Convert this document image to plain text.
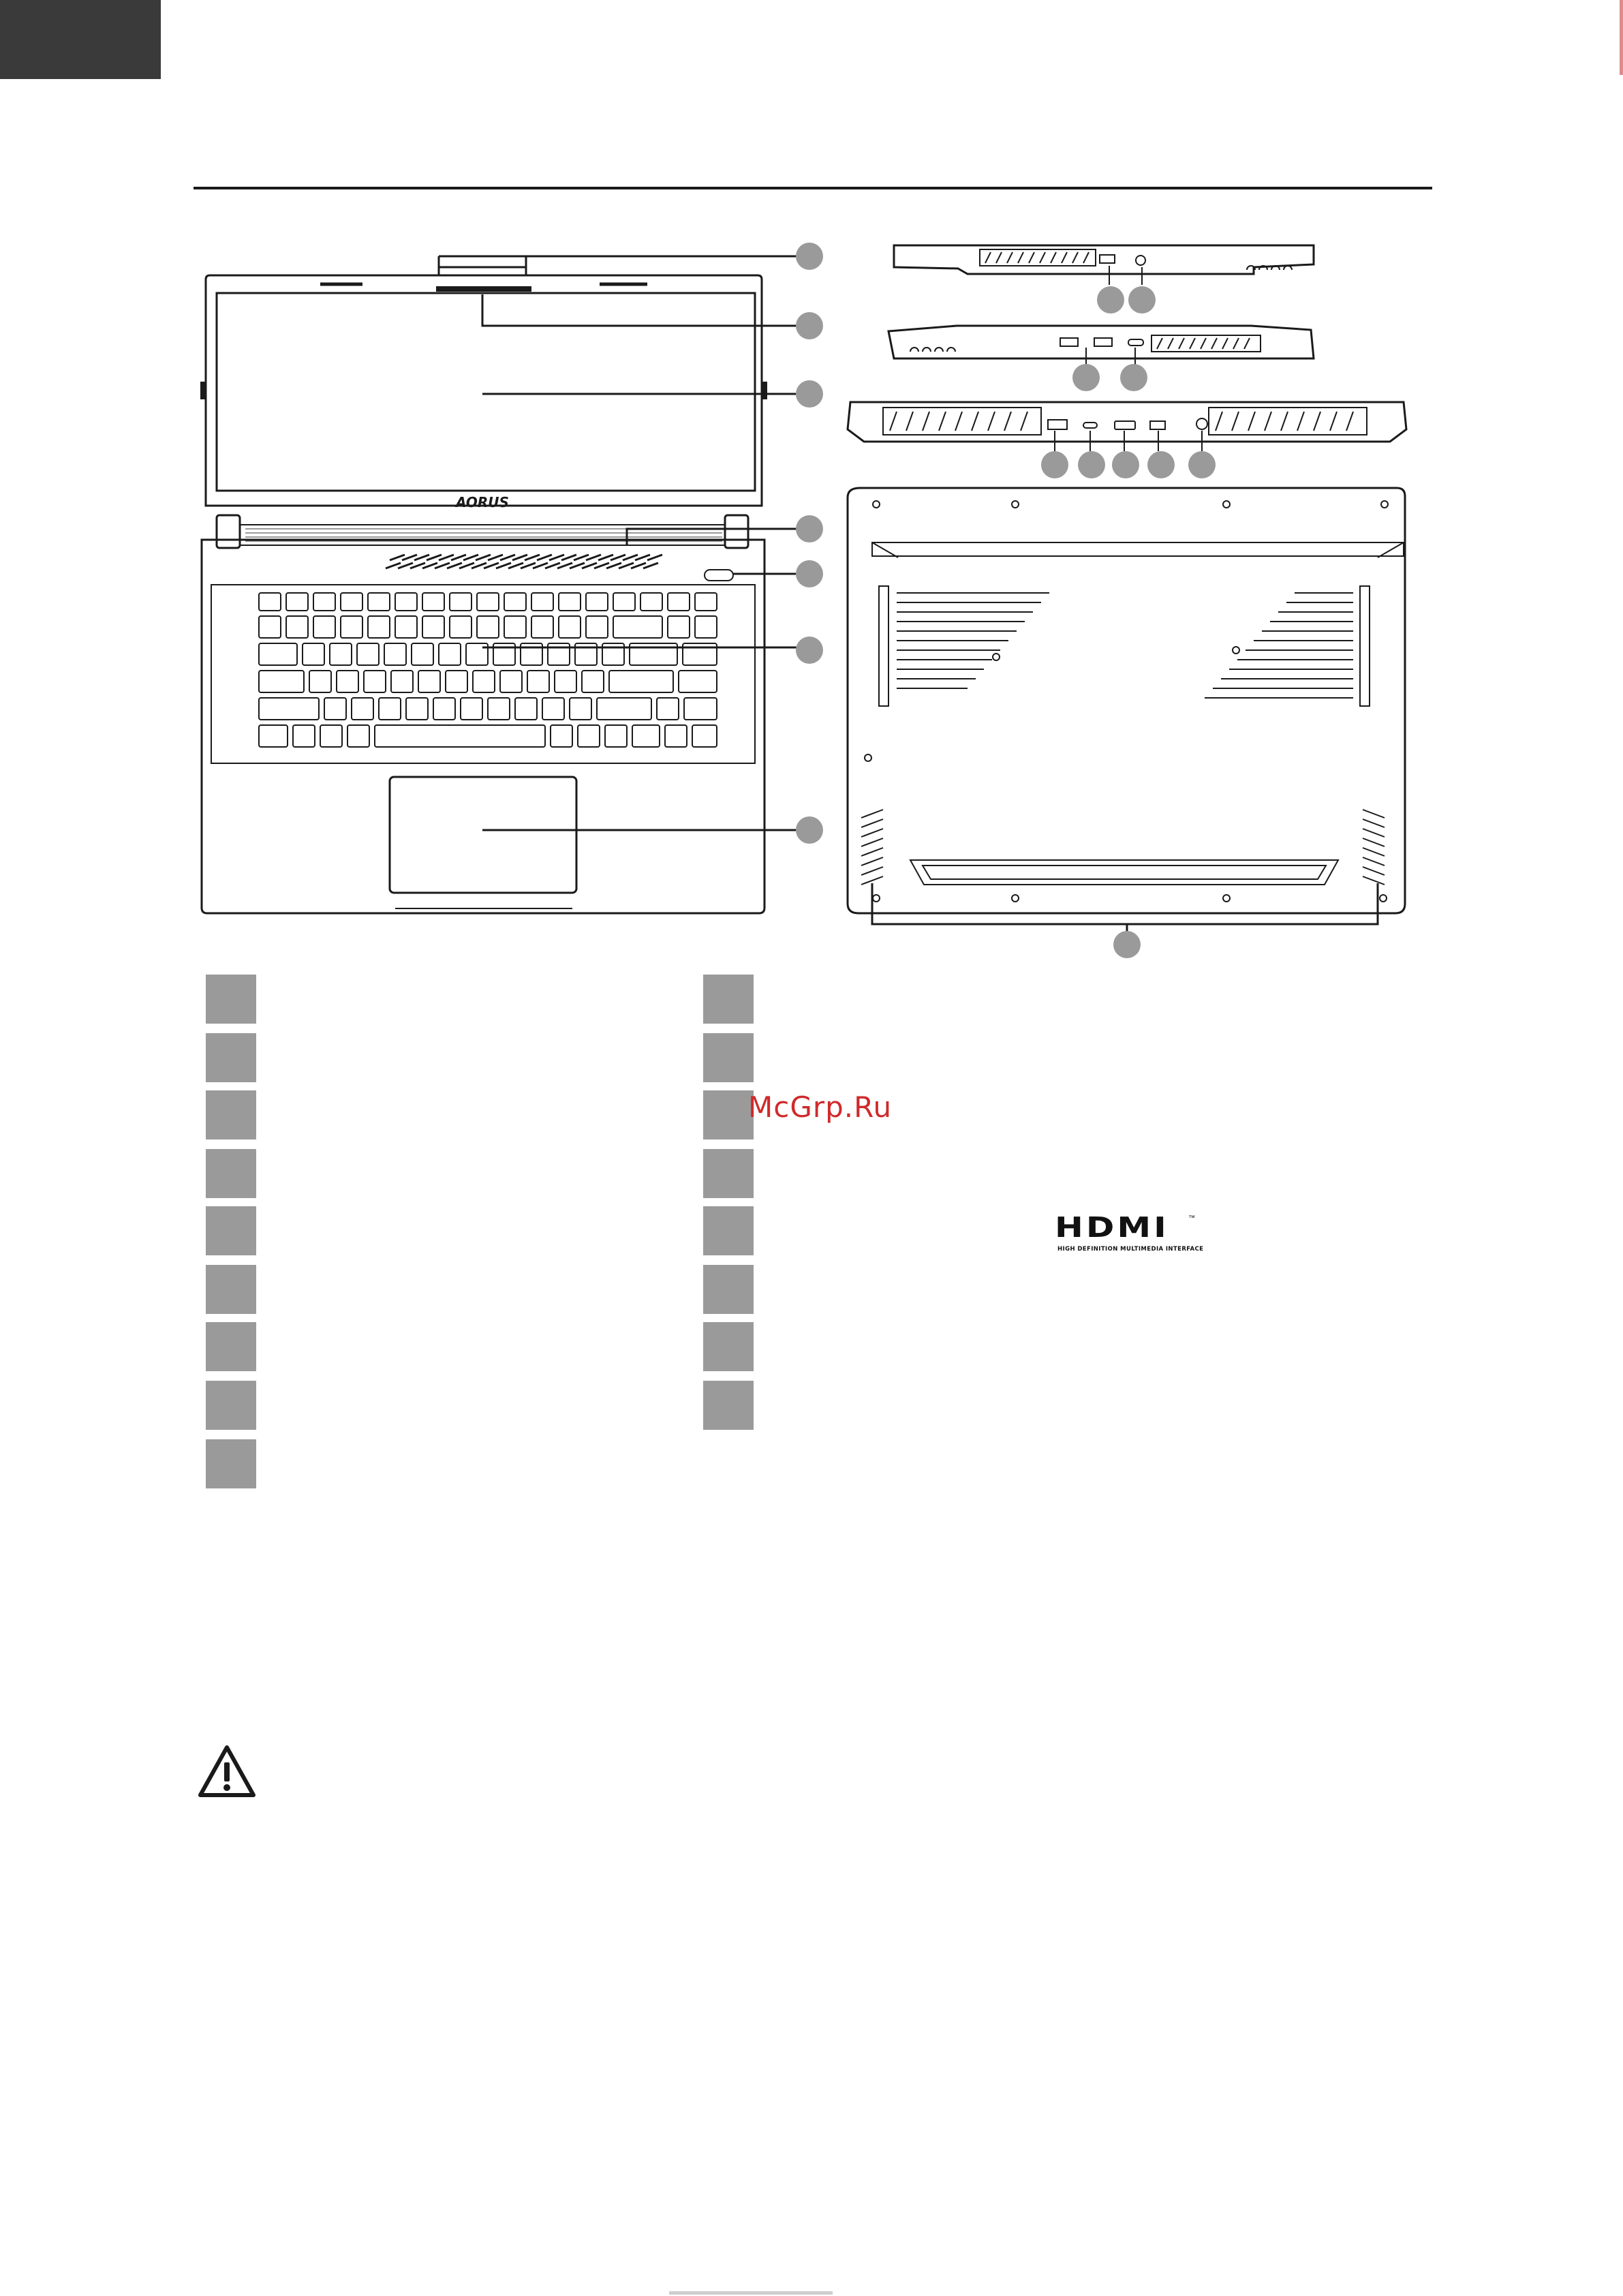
AORUS
McGrp.Ru
HDMI	™
HIGH DEFINITION MULTIMEDIA INTERFACE
